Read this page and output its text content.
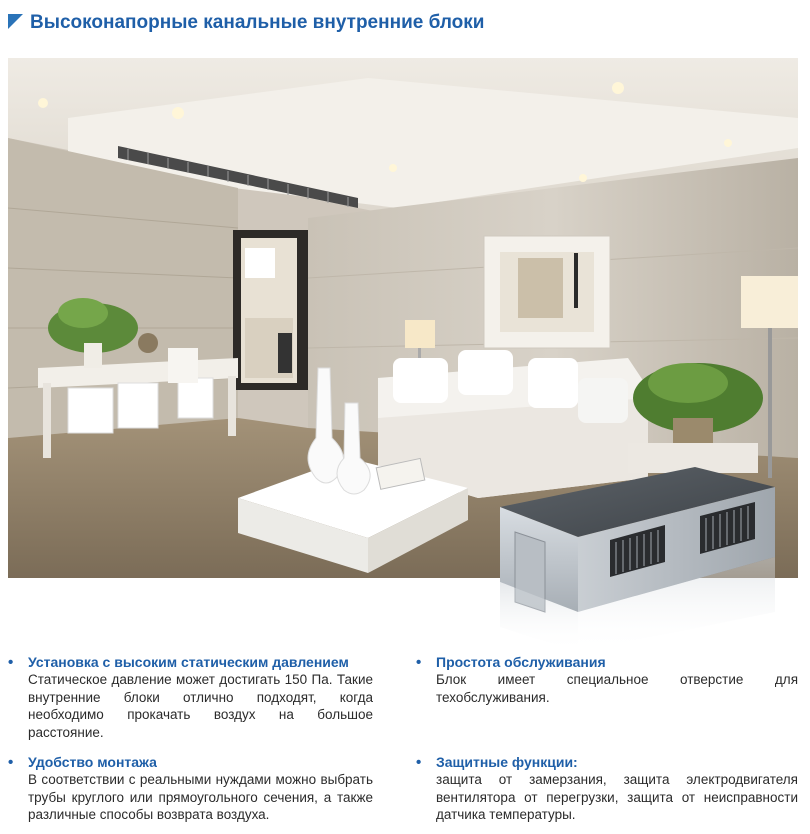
Высоконапорные канальные внутренние блоки
• Установка с высоким статическим давлением
Статическое давление может достигать 150 Па. Такие внутренние блоки отлично подходят, когда необходимо прокачать воздух на большое расстояние.
• Простота обслуживания
Блок имеет специальное отверстие для техобслуживания.
• Удобство монтажа
В соответствии с реальными нуждами можно выбрать трубы круглого или прямоугольного сечения, а также различные способы возврата воздуха.
• Защитные функции:
защита от замерзания, защита электродвигателя вентилятора от перегрузки, защита от неисправности датчика температуры.
